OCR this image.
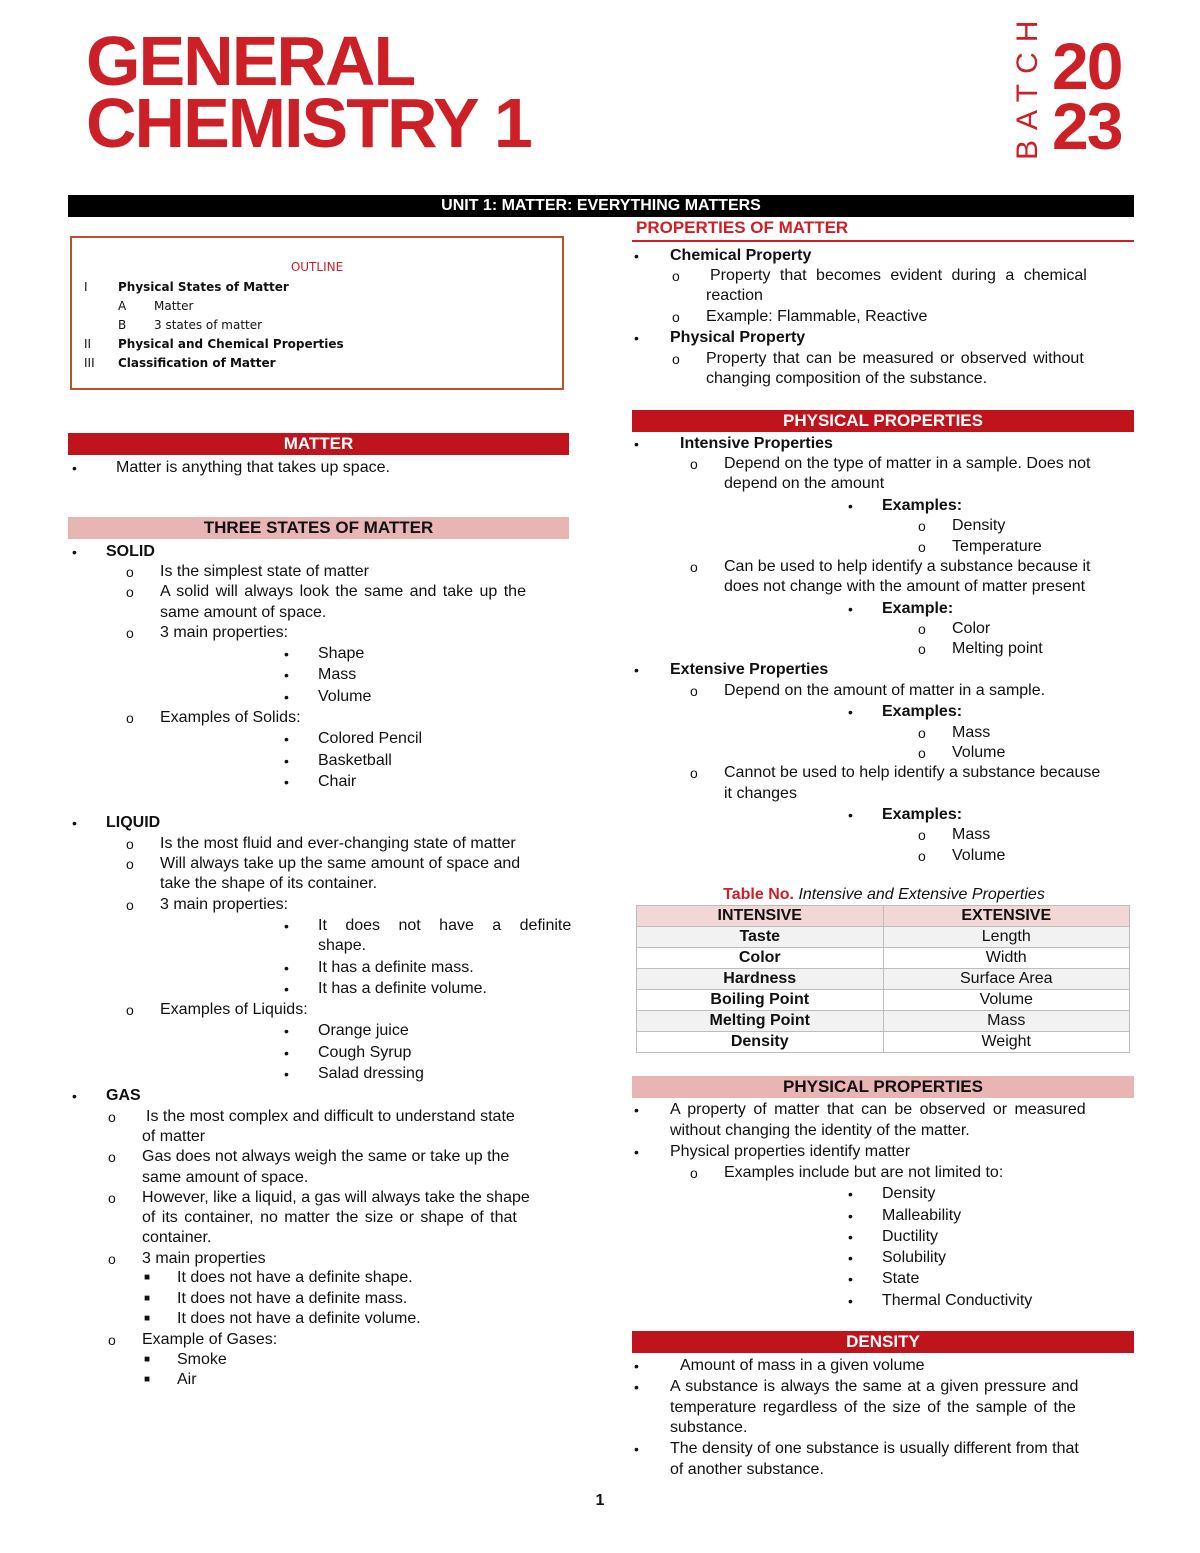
GENERAL
CHEMISTRY 1	BATCH 20
23
UNIT 1: MATTER: EVERYTHING MATTERS
OUTLINE
I	Physical States of Matter
A Matter
B 3 states of matter
II Physical and Chemical Properties
III Classification of Matter
MATTER
• Matter is anything that takes up space.
THREE STATES OF MATTER
• SOLID
o Is the simplest state of matter
o A solid will always look the same and take up the
same amount of space.
o 3 main properties:
• Shape
• Mass
• Volume
o Examples of Solids:
• Colored Pencil
• Basketball
• Chair
• LIQUID
o Is the most fluid and ever-changing state of matter
o Will always take up the same amount of space and
take the shape of its container.
o 3 main properties:
• It does not have a definite
shape.
• It has a definite mass.
• It has a definite volume.
o Examples of Liquids:
• Orange juice
• Cough Syrup
• Salad dressing
• GAS
o Is the most complex and difficult to understand state
of matter
o Gas does not always weigh the same or take up the
same amount of space.
o However, like a liquid, a gas will always take the shape
of its container, no matter the size or shape of that
container.
o 3 main properties
■ It does not have a definite shape.
■ It does not have a definite mass.
■ It does not have a definite volume.
o Example of Gases:
■ Smoke
■ Air
PROPERTIES OF MATTER
• Chemical Property
o Property that becomes evident during a chemical
reaction
o Example: Flammable, Reactive
• Physical Property
o Property that can be measured or observed without
changing composition of the substance.
PHYSICAL PROPERTIES
•	Intensive Properties
o Depend on the type of matter in a sample. Does not
depend on the amount
• Examples:
o Density
o Temperature
o Can be used to help identify a substance because it
does not change with the amount of matter present
• Example:
o Color
o Melting point
• Extensive Properties
o Depend on the amount of matter in a sample.
• Examples:
o Mass
o Volume
o Cannot be used to help identify a substance because
it changes
• Examples:
o Mass
o Volume
Table No. Intensive and Extensive Properties
INTENSIVE	EXTENSIVE
Taste	Length
Color	Width
Hardness	Surface Area
Boiling Point	Volume
Melting Point	Mass
Density	Weight
PHYSICAL PROPERTIES
• A property of matter that can be observed or measured
without changing the identity of the matter.
• Physical properties identify matter
o Examples include but are not limited to:
• Density
• Malleability
• Ductility
• Solubility
• State
• Thermal Conductivity
DENSITY
•	Amount of mass in a given volume
• A substance is always the same at a given pressure and
temperature regardless of the size of the sample of the
substance.
• The density of one substance is usually different from that
of another substance.
1
